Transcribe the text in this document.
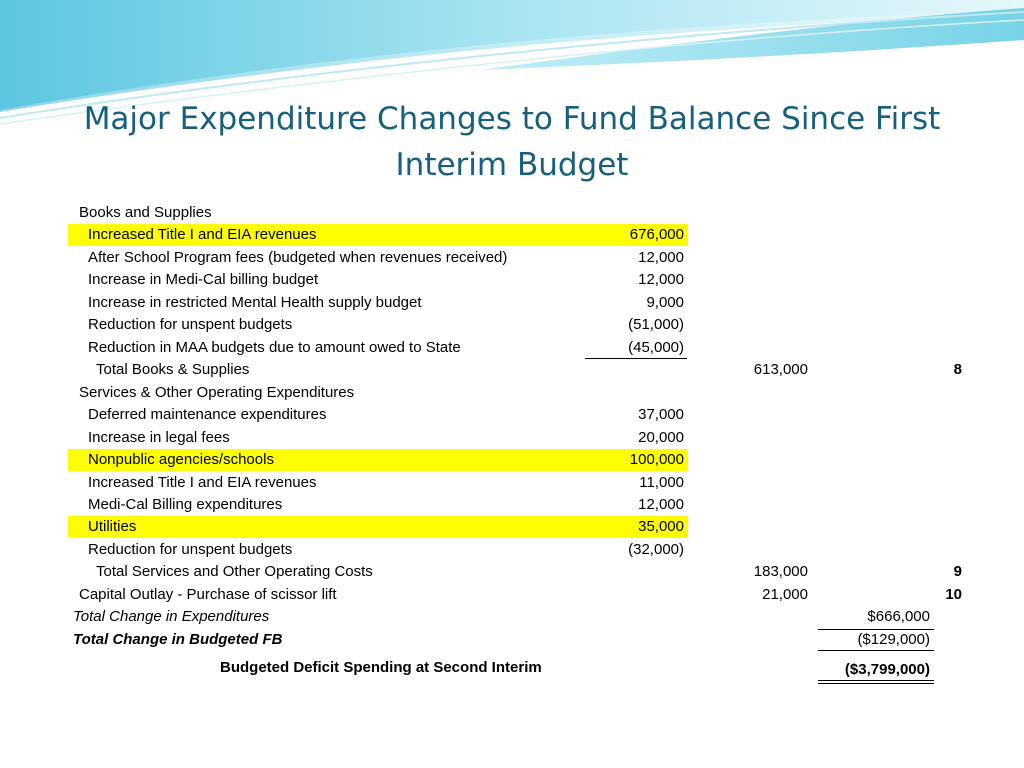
Major Expenditure Changes to Fund Balance Since First Interim Budget
Books and Supplies
Increased Title I and EIA revenues	676,000
After School Program fees (budgeted when revenues received)	12,000
Increase in Medi-Cal billing budget	12,000
Increase in restricted Mental Health supply budget	9,000
Reduction for unspent budgets	(51,000)
Reduction in MAA budgets due to amount owed to State	(45,000)
Total Books & Supplies	613,000	8
Services & Other Operating Expenditures
Deferred maintenance expenditures	37,000
Increase in legal fees	20,000
Nonpublic agencies/schools	100,000
Increased Title I and EIA revenues	11,000
Medi-Cal Billing expenditures	12,000
Utilities	35,000
Reduction for unspent budgets	(32,000)
Total Services and Other Operating Costs	183,000	9
Capital Outlay - Purchase of scissor lift	21,000	10
Total Change in Expenditures	$666,000
Total Change in Budgeted FB	($129,000)
Budgeted Deficit Spending at Second Interim	($3,799,000)
